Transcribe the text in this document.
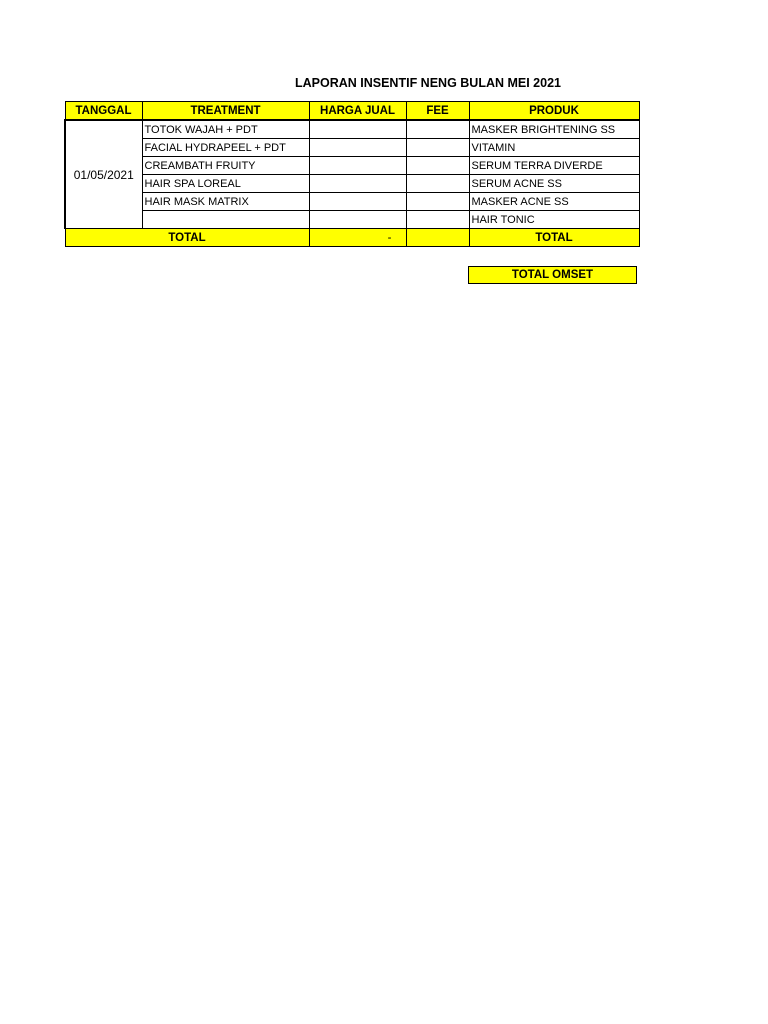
LAPORAN INSENTIF NENG BULAN MEI 2021
TANGGAL	TREATMENT	HARGA JUAL	FEE	PRODUK
01/05/2021	TOTOK WAJAH + PDT			MASKER BRIGHTENING SS
	FACIAL HYDRAPEEL + PDT			VITAMIN
	CREAMBATH FRUITY			SERUM TERRA DIVERDE
	HAIR SPA LOREAL			SERUM ACNE SS
	HAIR MASK MATRIX			MASKER ACNE SS
				HAIR TONIC
TOTAL		-		TOTAL
TOTAL OMSET
